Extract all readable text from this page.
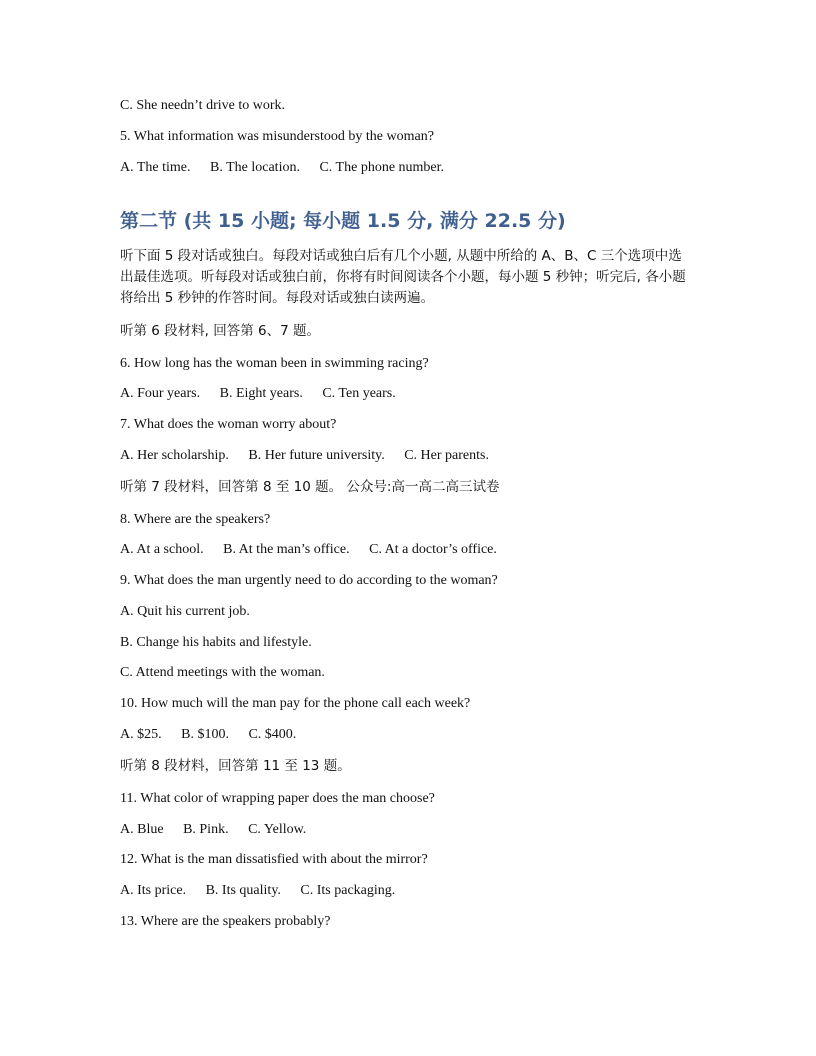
C. She needn’t drive to work.
5. What information was misunderstood by the woman?
A. The time. B. The location. C. The phone number.
第二节 (共 15 小题; 每小题 1.5 分, 满分 22.5 分)
听下面 5 段对话或独白。每段对话或独白后有几个小题, 从题中所给的 A、B、C 三个选项中选出最佳选项。听每段对话或独白前，你将有时间阅读各个小题，每小题 5 秒钟；听完后, 各小题将给出 5 秒钟的作答时间。每段对话或独白读两遍。
听第 6 段材料, 回答第 6、7 题。
6. How long has the woman been in swimming racing?
A. Four years. B. Eight years. C. Ten years.
7. What does the woman worry about?
A. Her scholarship. B. Her future university. C. Her parents.
听第 7 段材料，回答第 8 至 10 题。 公众号:高一高二高三试卷
8. Where are the speakers?
A. At a school. B. At the man’s office. C. At a doctor’s office.
9. What does the man urgently need to do according to the woman?
A. Quit his current job.
B. Change his habits and lifestyle.
C. Attend meetings with the woman.
10. How much will the man pay for the phone call each week?
A. $25. B. $100. C. $400.
听第 8 段材料，回答第 11 至 13 题。
11. What color of wrapping paper does the man choose?
A. Blue B. Pink. C. Yellow.
12. What is the man dissatisfied with about the mirror?
A. Its price. B. Its quality. C. Its packaging.
13. Where are the speakers probably?
